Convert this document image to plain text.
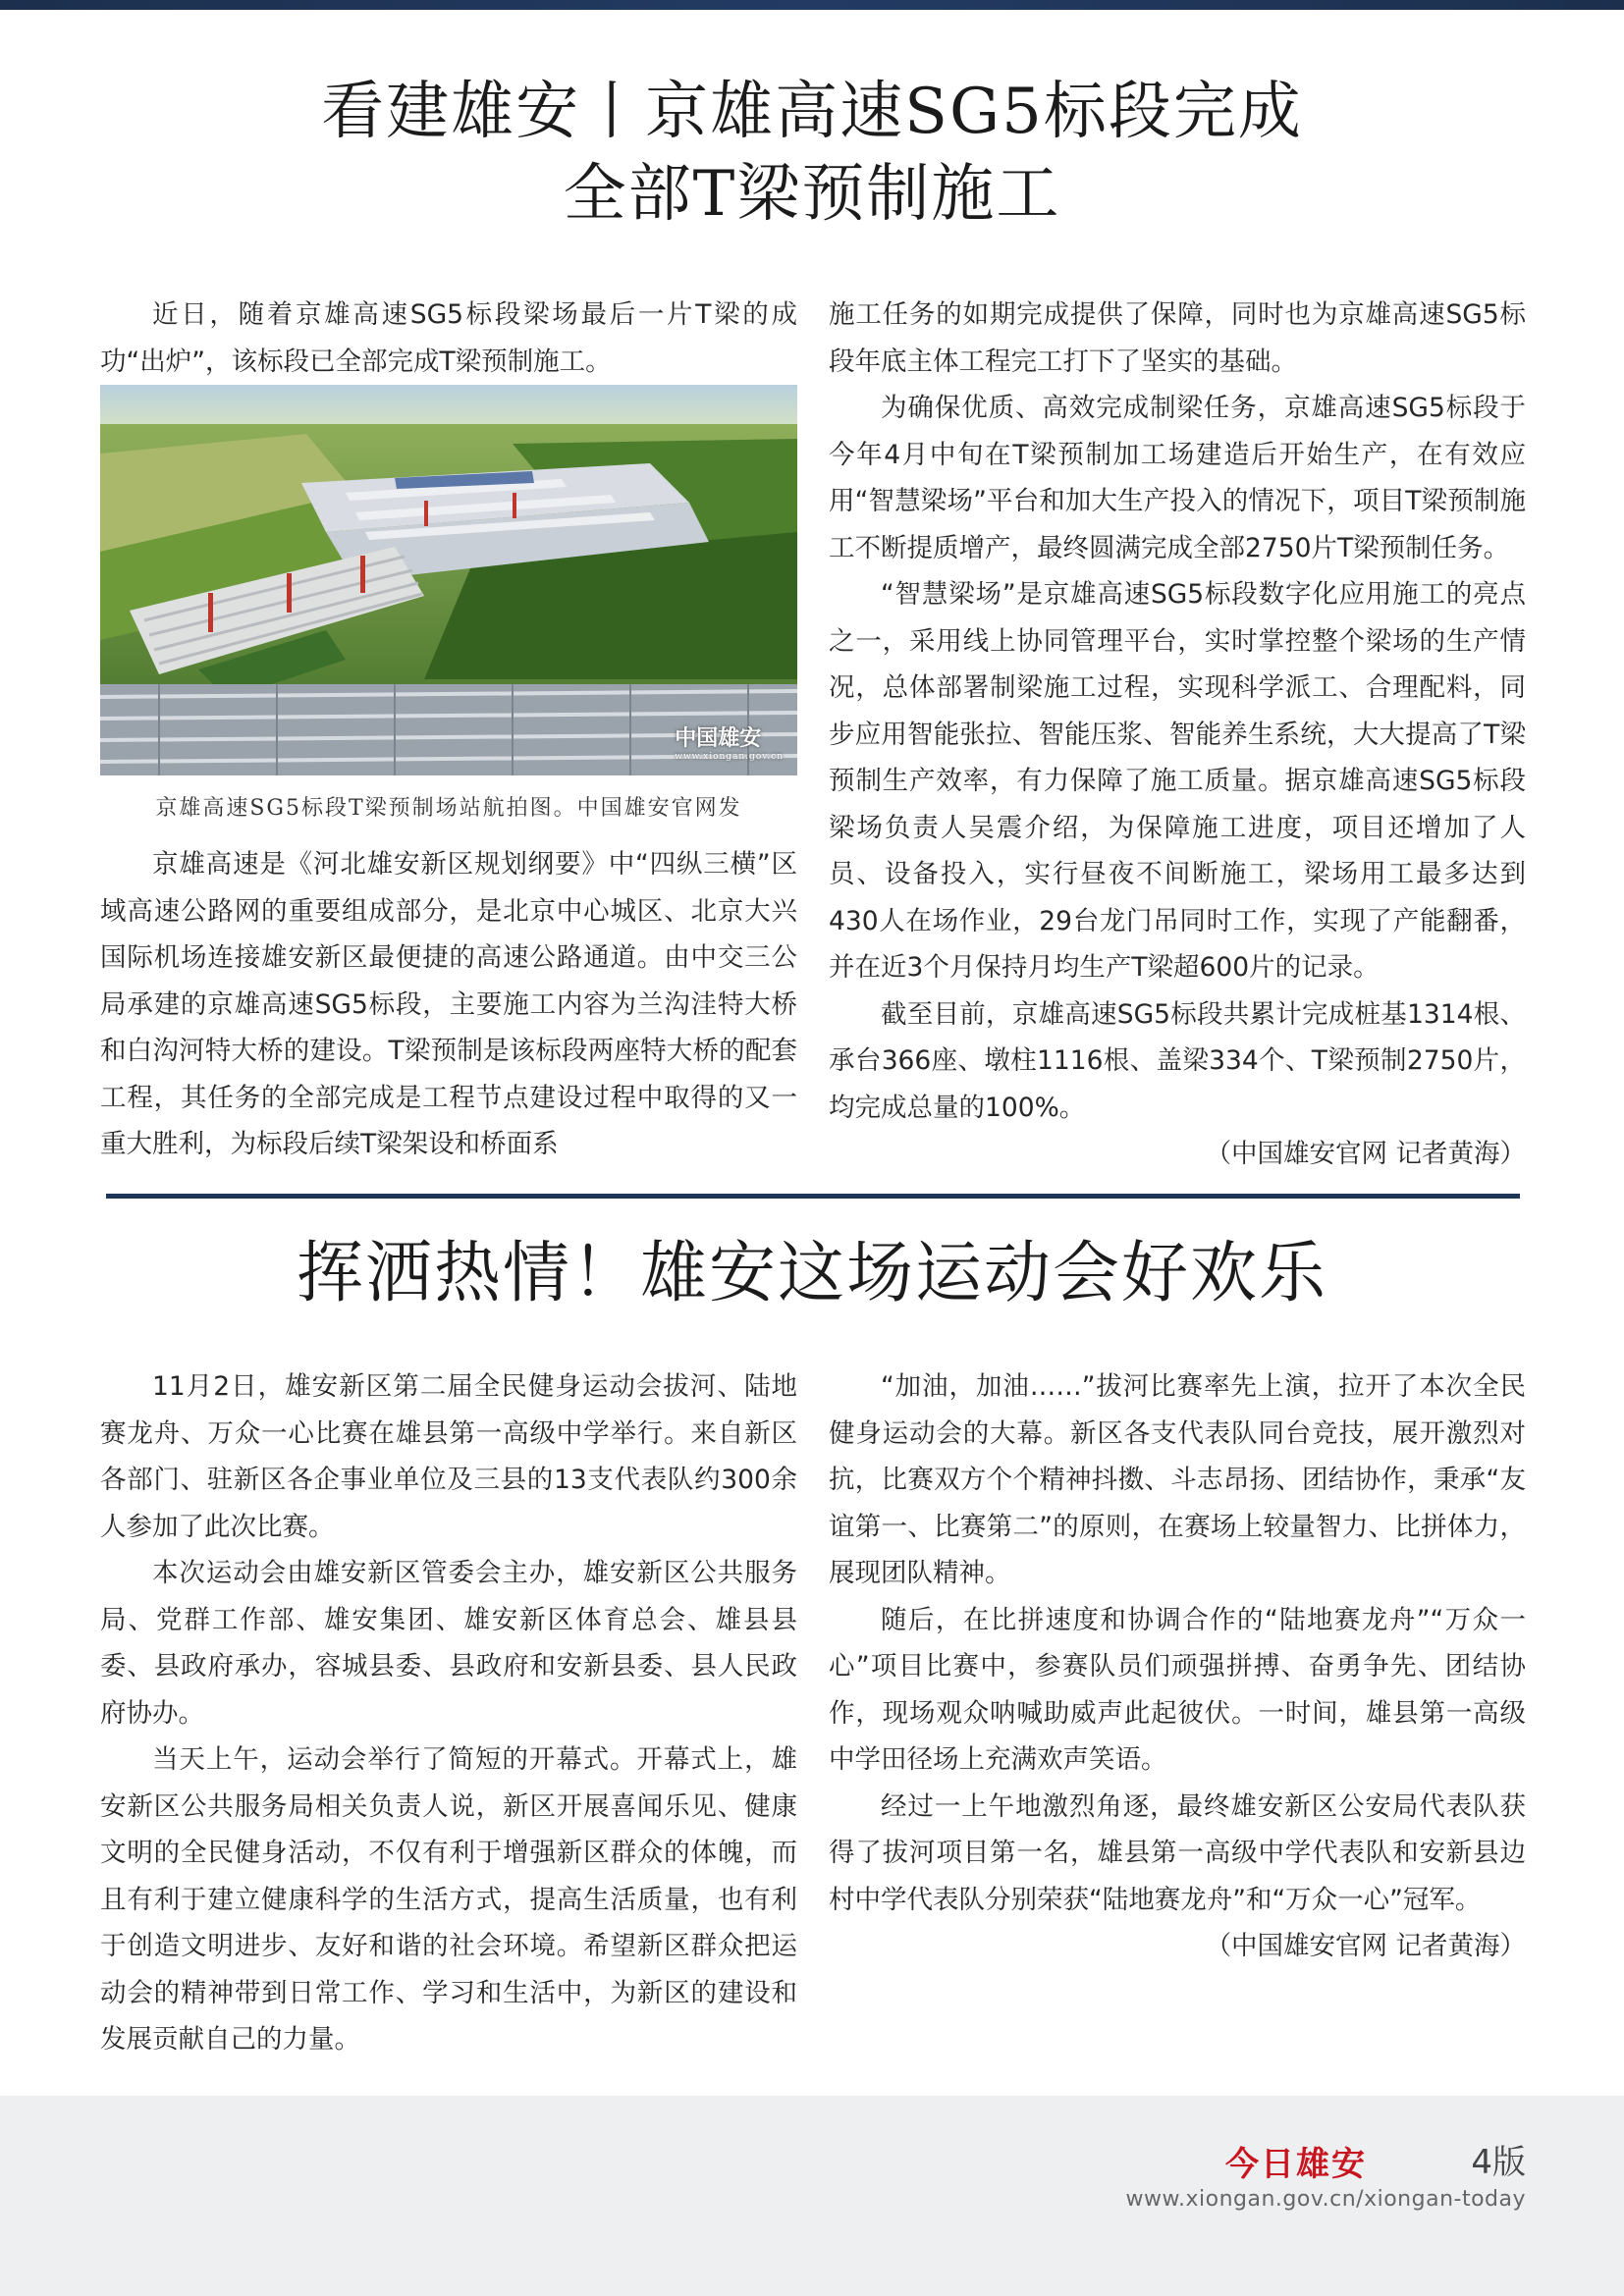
看建雄安丨京雄高速SG5标段完成
全部T梁预制施工

近日，随着京雄高速SG5标段梁场最后一片T梁的成功“出炉”，该标段已全部完成T梁预制施工。

中国雄安
www.xiongan.gov.cn
京雄高速SG5标段T梁预制场站航拍图。中国雄安官网发

京雄高速是《河北雄安新区规划纲要》中“四纵三横”区域高速公路网的重要组成部分，是北京中心城区、北京大兴国际机场连接雄安新区最便捷的高速公路通道。由中交三公局承建的京雄高速SG5标段，主要施工内容为兰沟洼特大桥和白沟河特大桥的建设。T梁预制是该标段两座特大桥的配套工程，其任务的全部完成是工程节点建设过程中取得的又一重大胜利，为标段后续T梁架设和桥面系

施工任务的如期完成提供了保障，同时也为京雄高速SG5标段年底主体工程完工打下了坚实的基础。

为确保优质、高效完成制梁任务，京雄高速SG5标段于今年4月中旬在T梁预制加工场建造后开始生产，在有效应用“智慧梁场”平台和加大生产投入的情况下，项目T梁预制施工不断提质增产，最终圆满完成全部2750片T梁预制任务。

“智慧梁场”是京雄高速SG5标段数字化应用施工的亮点之一，采用线上协同管理平台，实时掌控整个梁场的生产情况，总体部署制梁施工过程，实现科学派工、合理配料，同步应用智能张拉、智能压浆、智能养生系统，大大提高了T梁预制生产效率，有力保障了施工质量。据京雄高速SG5标段梁场负责人吴震介绍，为保障施工进度，项目还增加了人员、设备投入，实行昼夜不间断施工，梁场用工最多达到430人在场作业，29台龙门吊同时工作，实现了产能翻番，并在近3个月保持月均生产T梁超600片的记录。

截至目前，京雄高速SG5标段共累计完成桩基1314根、承台366座、墩柱1116根、盖梁334个、T梁预制2750片，均完成总量的100%。

（中国雄安官网 记者黄海）

挥洒热情！雄安这场运动会好欢乐

11月2日，雄安新区第二届全民健身运动会拔河、陆地赛龙舟、万众一心比赛在雄县第一高级中学举行。来自新区各部门、驻新区各企事业单位及三县的13支代表队约300余人参加了此次比赛。

本次运动会由雄安新区管委会主办，雄安新区公共服务局、党群工作部、雄安集团、雄安新区体育总会、雄县县委、县政府承办，容城县委、县政府和安新县委、县人民政府协办。

当天上午，运动会举行了简短的开幕式。开幕式上，雄安新区公共服务局相关负责人说，新区开展喜闻乐见、健康文明的全民健身活动，不仅有利于增强新区群众的体魄，而且有利于建立健康科学的生活方式，提高生活质量，也有利于创造文明进步、友好和谐的社会环境。希望新区群众把运动会的精神带到日常工作、学习和生活中，为新区的建设和发展贡献自己的力量。

“加油，加油……”拔河比赛率先上演，拉开了本次全民健身运动会的大幕。新区各支代表队同台竞技，展开激烈对抗，比赛双方个个精神抖擞、斗志昂扬、团结协作，秉承“友谊第一、比赛第二”的原则，在赛场上较量智力、比拼体力，展现团队精神。

随后，在比拼速度和协调合作的“陆地赛龙舟”“万众一心”项目比赛中，参赛队员们顽强拼搏、奋勇争先、团结协作，现场观众呐喊助威声此起彼伏。一时间，雄县第一高级中学田径场上充满欢声笑语。

经过一上午地激烈角逐，最终雄安新区公安局代表队获得了拔河项目第一名，雄县第一高级中学代表队和安新县边村中学代表队分别荣获“陆地赛龙舟”和“万众一心”冠军。

（中国雄安官网 记者黄海）

今日雄安	4版
www.xiongan.gov.cn/xiongan-today
